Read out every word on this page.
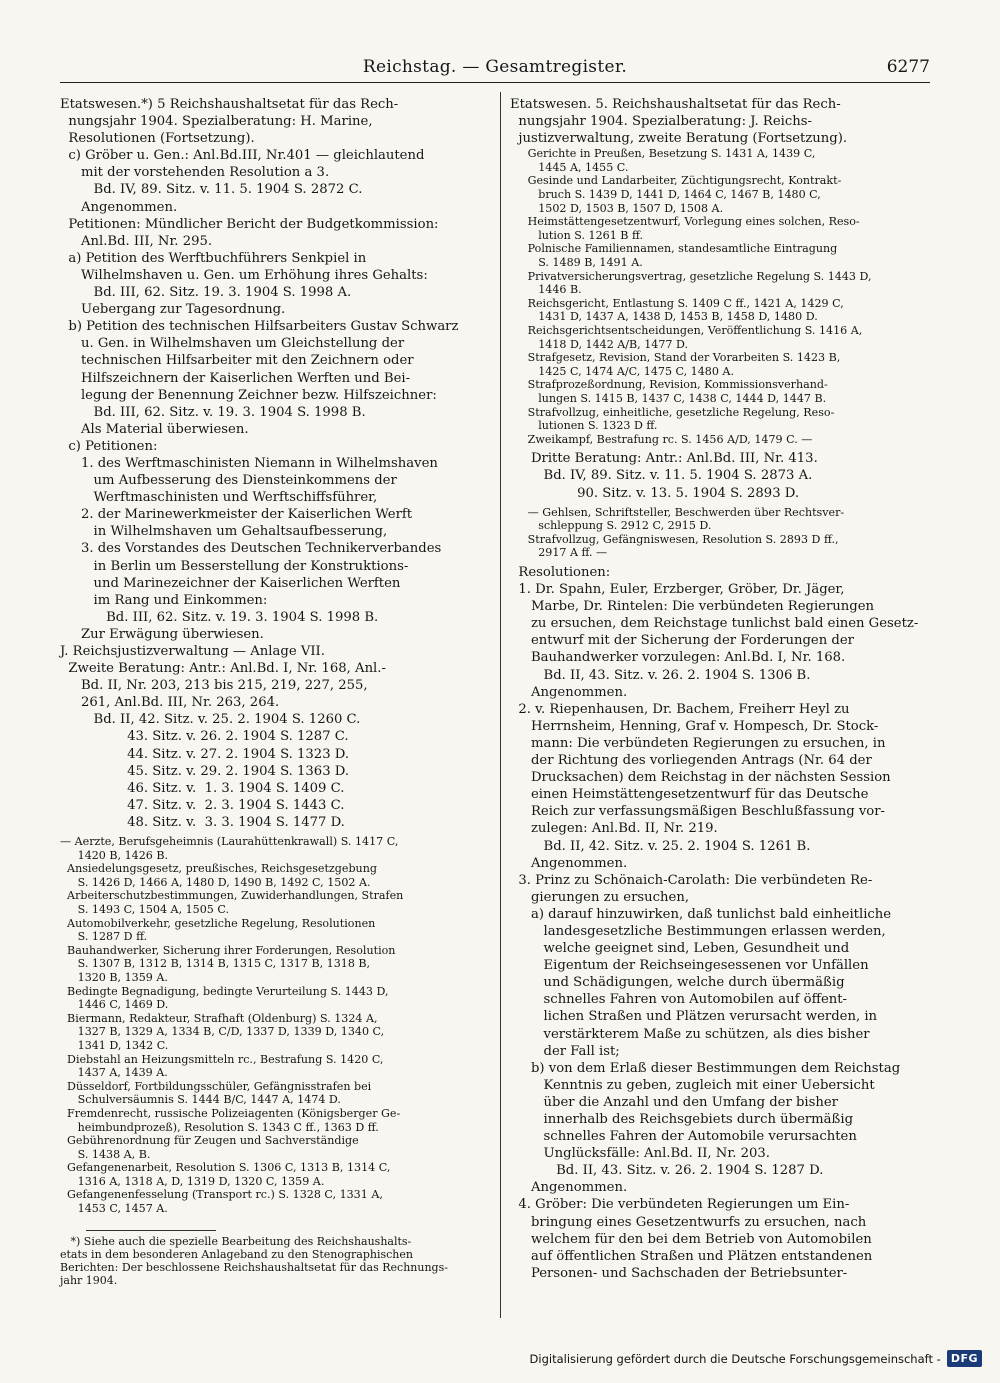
Reichstag. — Gesamtregister.	6277
Etatswesen.*) 5 Reichshaushaltsetat für das Rech-
nungsjahr 1904. Spezialberatung: H. Marine,
Resolutionen (Fortsetzung).
c) Gröber u. Gen.: Anl.Bd.III, Nr.401 — gleichlautend
mit der vorstehenden Resolution a 3.
Bd. IV, 89. Sitz. v. 11. 5. 1904 S. 2872 C.
Angenommen.
Petitionen: Mündlicher Bericht der Budgetkommission:
Anl.Bd. III, Nr. 295.
a) Petition des Werftbuchführers Senkpiel in
Wilhelmshaven u. Gen. um Erhöhung ihres Gehalts:
Bd. III, 62. Sitz. 19. 3. 1904 S. 1998 A.
Uebergang zur Tagesordnung.
b) Petition des technischen Hilfsarbeiters Gustav Schwarz
u. Gen. in Wilhelmshaven um Gleichstellung der
technischen Hilfsarbeiter mit den Zeichnern oder
Hilfszeichnern der Kaiserlichen Werften und Bei-
legung der Benennung Zeichner bezw. Hilfszeichner:
Bd. III, 62. Sitz. v. 19. 3. 1904 S. 1998 B.
Als Material überwiesen.
c) Petitionen:
1. des Werftmaschinisten Niemann in Wilhelmshaven
um Aufbesserung des Diensteinkommens der
Werftmaschinisten und Werftschiffsführer,
2. der Marinewerkmeister der Kaiserlichen Werft
in Wilhelmshaven um Gehaltsaufbesserung,
3. des Vorstandes des Deutschen Technikerverbandes
in Berlin um Besserstellung der Konstruktions-
und Marinezeichner der Kaiserlichen Werften
im Rang und Einkommen:
Bd. III, 62. Sitz. v. 19. 3. 1904 S. 1998 B.
Zur Erwägung überwiesen.
J. Reichsjustizverwaltung — Anlage VII.
Zweite Beratung: Antr.: Anl.Bd. I, Nr. 168, Anl.-
Bd. II, Nr. 203, 213 bis 215, 219, 227, 255,
261, Anl.Bd. III, Nr. 263, 264.
Bd. II, 42. Sitz. v. 25. 2. 1904 S. 1260 C.
43. Sitz. v. 26. 2. 1904 S. 1287 C.
44. Sitz. v. 27. 2. 1904 S. 1323 D.
45. Sitz. v. 29. 2. 1904 S. 1363 D.
46. Sitz. v.  1. 3. 1904 S. 1409 C.
47. Sitz. v.  2. 3. 1904 S. 1443 C.
48. Sitz. v.  3. 3. 1904 S. 1477 D.
— Aerzte, Berufsgeheimnis (Laurahüttenkrawall) S. 1417 C,
1420 B, 1426 B.
Ansiedelungsgesetz, preußisches, Reichsgesetzgebung
S. 1426 D, 1466 A, 1480 D, 1490 B, 1492 C, 1502 A.
Arbeiterschutzbestimmungen, Zuwiderhandlungen, Strafen
S. 1493 C, 1504 A, 1505 C.
Automobilverkehr, gesetzliche Regelung, Resolutionen
S. 1287 D ff.
Bauhandwerker, Sicherung ihrer Forderungen, Resolution
S. 1307 B, 1312 B, 1314 B, 1315 C, 1317 B, 1318 B,
1320 B, 1359 A.
Bedingte Begnadigung, bedingte Verurteilung S. 1443 D,
1446 C, 1469 D.
Biermann, Redakteur, Strafhaft (Oldenburg) S. 1324 A,
1327 B, 1329 A, 1334 B, C/D, 1337 D, 1339 D, 1340 C,
1341 D, 1342 C.
Diebstahl an Heizungsmitteln rc., Bestrafung S. 1420 C,
1437 A, 1439 A.
Düsseldorf, Fortbildungsschüler, Gefängnisstrafen bei
Schulversäumnis S. 1444 B/C, 1447 A, 1474 D.
Fremdenrecht, russische Polizeiagenten (Königsberger Ge-
heimbundprozeß), Resolution S. 1343 C ff., 1363 D ff.
Gebührenordnung für Zeugen und Sachverständige
S. 1438 A, B.
Gefangenenarbeit, Resolution S. 1306 C, 1313 B, 1314 C,
1316 A, 1318 A, D, 1319 D, 1320 C, 1359 A.
Gefangenenfesselung (Transport rc.) S. 1328 C, 1331 A,
1453 C, 1457 A.
*) Siehe auch die spezielle Bearbeitung des Reichshaushalts-
etats in dem besonderen Anlageband zu den Stenographischen
Berichten: Der beschlossene Reichshaushaltsetat für das Rechnungs-
jahr 1904.
Etatswesen. 5. Reichshaushaltsetat für das Rech-
nungsjahr 1904. Spezialberatung: J. Reichs-
justizverwaltung, zweite Beratung (Fortsetzung).
Gerichte in Preußen, Besetzung S. 1431 A, 1439 C,
1445 A, 1455 C.
Gesinde und Landarbeiter, Züchtigungsrecht, Kontrakt-
bruch S. 1439 D, 1441 D, 1464 C, 1467 B, 1480 C,
1502 D, 1503 B, 1507 D, 1508 A.
Heimstättengesetzentwurf, Vorlegung eines solchen, Reso-
lution S. 1261 B ff.
Polnische Familiennamen, standesamtliche Eintragung
S. 1489 B, 1491 A.
Privatversicherungsvertrag, gesetzliche Regelung S. 1443 D,
1446 B.
Reichsgericht, Entlastung S. 1409 C ff., 1421 A, 1429 C,
1431 D, 1437 A, 1438 D, 1453 B, 1458 D, 1480 D.
Reichsgerichtsentscheidungen, Veröffentlichung S. 1416 A,
1418 D, 1442 A/B, 1477 D.
Strafgesetz, Revision, Stand der Vorarbeiten S. 1423 B,
1425 C, 1474 A/C, 1475 C, 1480 A.
Strafprozeßordnung, Revision, Kommissionsverhand-
lungen S. 1415 B, 1437 C, 1438 C, 1444 D, 1447 B.
Strafvollzug, einheitliche, gesetzliche Regelung, Reso-
lutionen S. 1323 D ff.
Zweikampf, Bestrafung rc. S. 1456 A/D, 1479 C. —
Dritte Beratung: Antr.: Anl.Bd. III, Nr. 413.
Bd. IV, 89. Sitz. v. 11. 5. 1904 S. 2873 A.
90. Sitz. v. 13. 5. 1904 S. 2893 D.
— Gehlsen, Schriftsteller, Beschwerden über Rechtsver-
schleppung S. 2912 C, 2915 D.
Strafvollzug, Gefängniswesen, Resolution S. 2893 D ff.,
2917 A ff. —
Resolutionen:
1. Dr. Spahn, Euler, Erzberger, Gröber, Dr. Jäger,
Marbe, Dr. Rintelen: Die verbündeten Regierungen
zu ersuchen, dem Reichstage tunlichst bald einen Gesetz-
entwurf mit der Sicherung der Forderungen der
Bauhandwerker vorzulegen: Anl.Bd. I, Nr. 168.
Bd. II, 43. Sitz. v. 26. 2. 1904 S. 1306 B.
Angenommen.
2. v. Riepenhausen, Dr. Bachem, Freiherr Heyl zu
Herrnsheim, Henning, Graf v. Hompesch, Dr. Stock-
mann: Die verbündeten Regierungen zu ersuchen, in
der Richtung des vorliegenden Antrags (Nr. 64 der
Drucksachen) dem Reichstag in der nächsten Session
einen Heimstättengesetzentwurf für das Deutsche
Reich zur verfassungsmäßigen Beschlußfassung vor-
zulegen: Anl.Bd. II, Nr. 219.
Bd. II, 42. Sitz. v. 25. 2. 1904 S. 1261 B.
Angenommen.
3. Prinz zu Schönaich-Carolath: Die verbündeten Re-
gierungen zu ersuchen,
a) darauf hinzuwirken, daß tunlichst bald einheitliche
landesgesetzliche Bestimmungen erlassen werden,
welche geeignet sind, Leben, Gesundheit und
Eigentum der Reichseingesessenen vor Unfällen
und Schädigungen, welche durch übermäßig
schnelles Fahren von Automobilen auf öffent-
lichen Straßen und Plätzen verursacht werden, in
verstärkterem Maße zu schützen, als dies bisher
der Fall ist;
b) von dem Erlaß dieser Bestimmungen dem Reichstag
Kenntnis zu geben, zugleich mit einer Uebersicht
über die Anzahl und den Umfang der bisher
innerhalb des Reichsgebiets durch übermäßig
schnelles Fahren der Automobile verursachten
Unglücksfälle: Anl.Bd. II, Nr. 203.
Bd. II, 43. Sitz. v. 26. 2. 1904 S. 1287 D.
Angenommen.
4. Gröber: Die verbündeten Regierungen um Ein-
bringung eines Gesetzentwurfs zu ersuchen, nach
welchem für den bei dem Betrieb von Automobilen
auf öffentlichen Straßen und Plätzen entstandenen
Personen- und Sachschaden der Betriebsunter-
Digitalisierung gefördert durch die Deutsche Forschungsgemeinschaft - DFG
